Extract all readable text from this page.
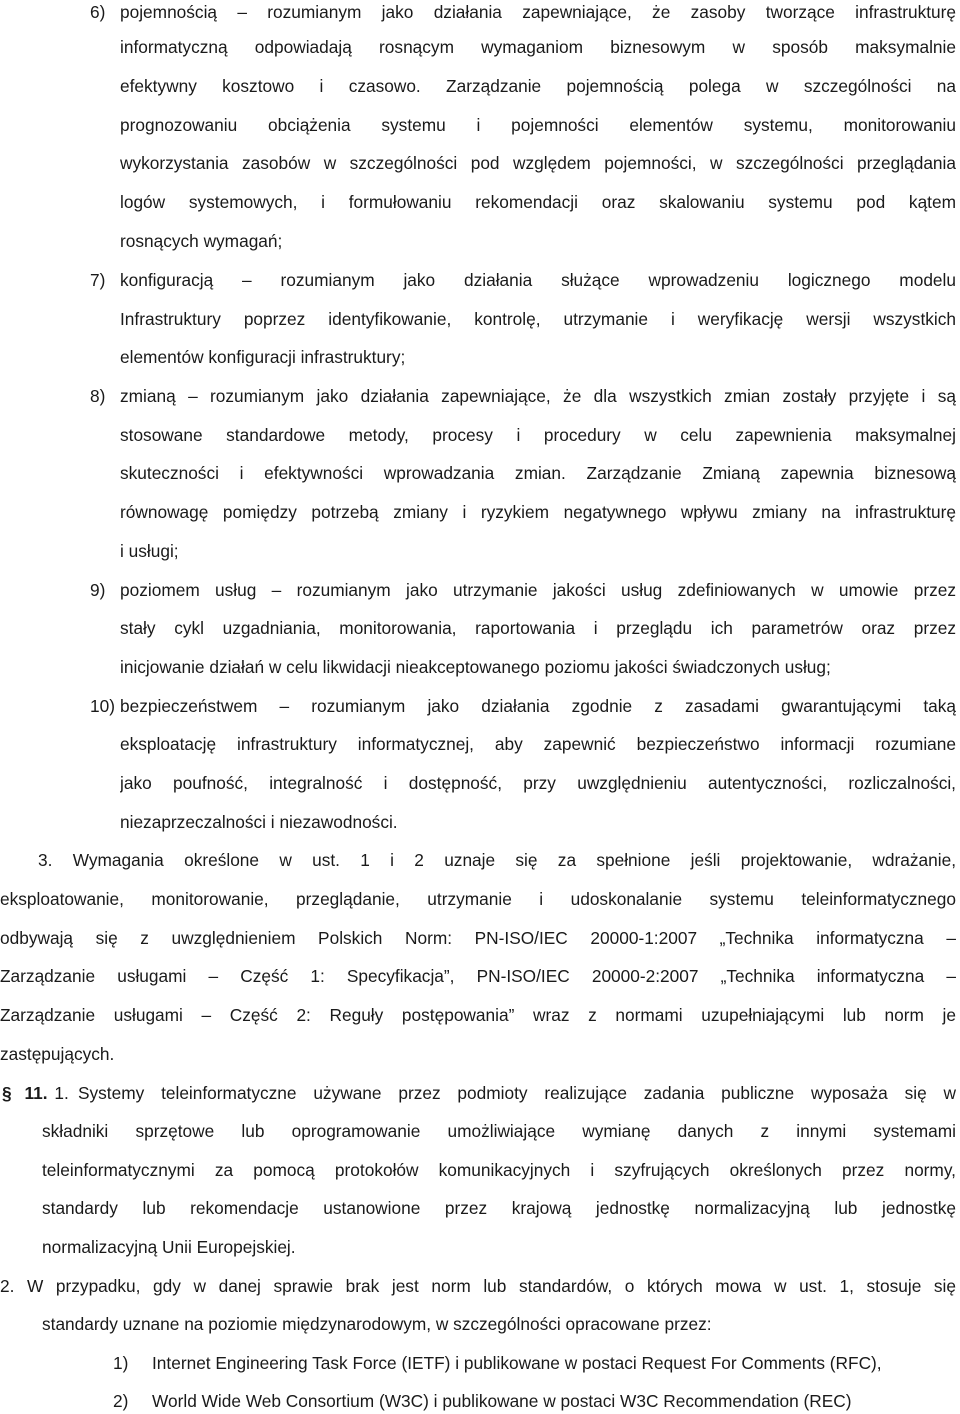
6) pojemnością – rozumianym jako działania zapewniające, że zasoby tworzące infrastrukturę
informatyczną odpowiadają rosnącym wymaganiom biznesowym w sposób maksymalnie
efektywny kosztowo i czasowo. Zarządzanie pojemnością polega w szczególności na
prognozowaniu obciążenia systemu i pojemności elementów systemu, monitorowaniu
wykorzystania zasobów w szczególności pod względem pojemności, w szczególności przeglądania
logów systemowych, i formułowaniu rekomendacji oraz skalowaniu systemu pod kątem
rosnących wymagań;
7) konfiguracją – rozumianym jako działania służące wprowadzeniu logicznego modelu
Infrastruktury poprzez identyfikowanie, kontrolę, utrzymanie i weryfikację wersji wszystkich
elementów konfiguracji infrastruktury;
8) zmianą – rozumianym jako działania zapewniające, że dla wszystkich zmian zostały przyjęte i są
stosowane standardowe metody, procesy i procedury w celu zapewnienia maksymalnej
skuteczności i efektywności wprowadzania zmian. Zarządzanie Zmianą zapewnia biznesową
równowagę pomiędzy potrzebą zmiany i ryzykiem negatywnego wpływu zmiany na infrastrukturę
i usługi;
9) poziomem usług – rozumianym jako utrzymanie jakości usług zdefiniowanych w umowie przez
stały cykl uzgadniania, monitorowania, raportowania i przeglądu ich parametrów oraz przez
inicjowanie działań w celu likwidacji nieakceptowanego poziomu jakości świadczonych usług;
10) bezpieczeństwem – rozumianym jako działania zgodnie z zasadami gwarantującymi taką
eksploatację infrastruktury informatycznej, aby zapewnić bezpieczeństwo informacji rozumiane
jako poufność, integralność i dostępność, przy uwzględnieniu autentyczności, rozliczalności,
niezaprzeczalności i niezawodności.
3. Wymagania określone w ust. 1 i 2 uznaje się za spełnione jeśli projektowanie, wdrażanie,
eksploatowanie, monitorowanie, przeglądanie, utrzymanie i udoskonalanie systemu teleinformatycznego
odbywają się z uwzględnieniem Polskich Norm: PN-ISO/IEC 20000-1:2007 „Technika informatyczna –
Zarządzanie usługami – Część 1: Specyfikacja”, PN-ISO/IEC 20000-2:2007 „Technika informatyczna –
Zarządzanie usługami – Część 2: Reguły postępowania” wraz z normami uzupełniającymi lub norm je
zastępujących.
§ 11. 1. Systemy teleinformatyczne używane przez podmioty realizujące zadania publiczne wyposaża się w
składniki sprzętowe lub oprogramowanie umożliwiające wymianę danych z innymi systemami
teleinformatycznymi za pomocą protokołów komunikacyjnych i szyfrujących określonych przez normy,
standardy lub rekomendacje ustanowione przez krajową jednostkę normalizacyjną lub jednostkę
normalizacyjną Unii Europejskiej.
2. W przypadku, gdy w danej sprawie brak jest norm lub standardów, o których mowa w ust. 1, stosuje się
standardy uznane na poziomie międzynarodowym, w szczególności opracowane przez:
1) Internet Engineering Task Force (IETF) i publikowane w postaci Request For Comments (RFC),
2) World Wide Web Consortium (W3C) i publikowane w postaci W3C Recommendation (REC)
